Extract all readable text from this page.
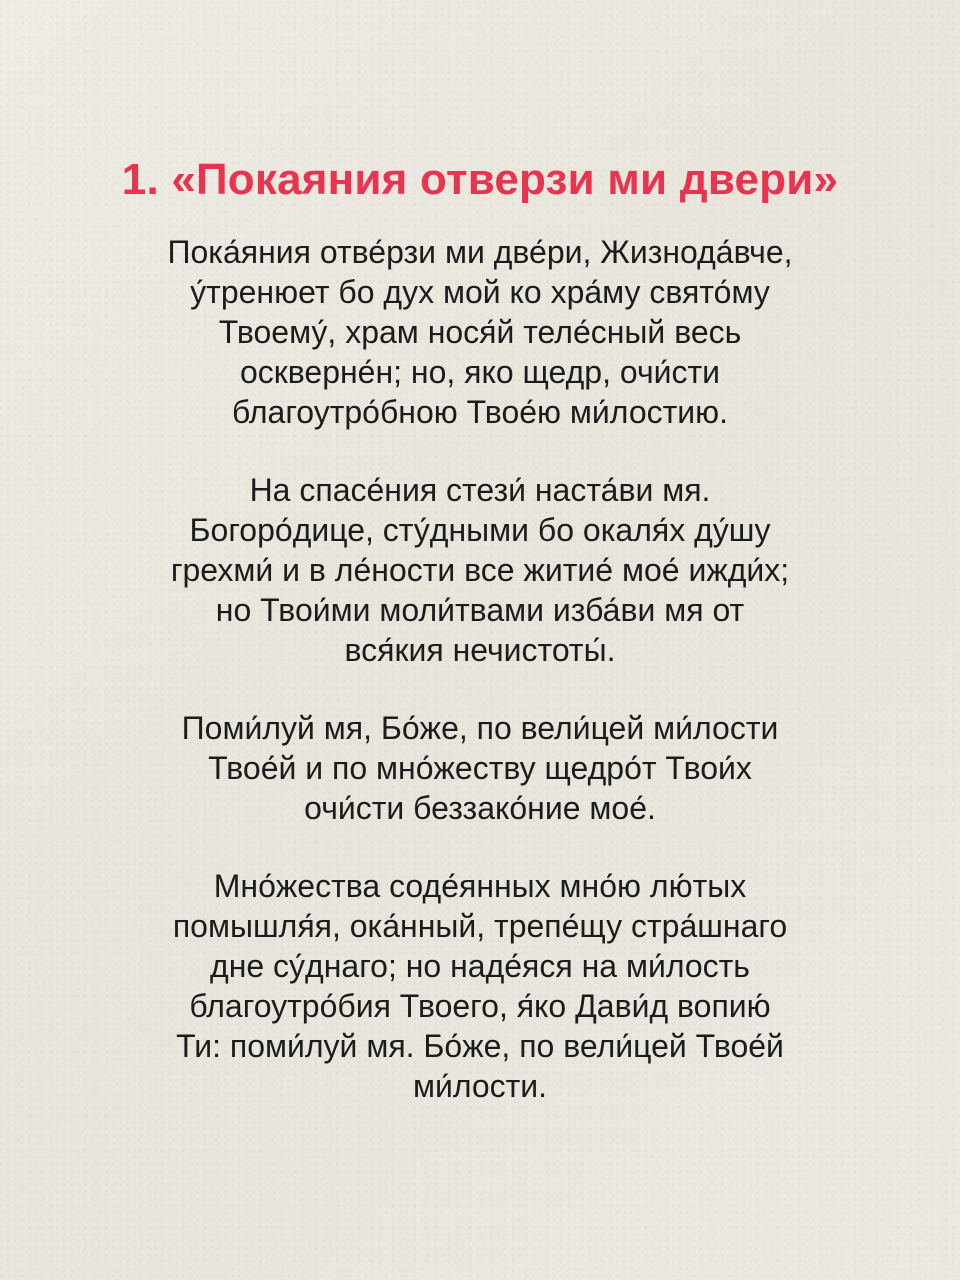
1. «Покаяния отверзи ми двери»
Пока́яния отве́рзи ми две́ри, Жизнода́вче,
у́тренюет бо дух мой ко хра́му свято́му
Твоему́, храм нося́й теле́сный весь
оскверне́н; но, яко щедр, очи́сти
благоутро́бною Твое́ю ми́лостию.
На спасе́ния стези́ наста́ви мя.
Богоро́дице, сту́дными бо окаля́х ду́шу
грехми́ и в ле́ности все житие́ мое́ ижди́х;
но Твои́ми моли́твами изба́ви мя от
вся́кия нечистоты́.
Поми́луй мя, Бо́же, по вели́цей ми́лости
Твое́й и по мно́жеству щедро́т Твои́х
очи́сти беззако́ние мое́.
Мно́жества соде́янных мно́ю лю́тых
помышля́я, ока́нный, трепе́щу стра́шнаго
дне су́днаго; но наде́яся на ми́лость
благоутро́бия Твоего, я́ко Дави́д вопию́
Ти: поми́луй мя. Бо́же, по вели́цей Твое́й
ми́лости.
